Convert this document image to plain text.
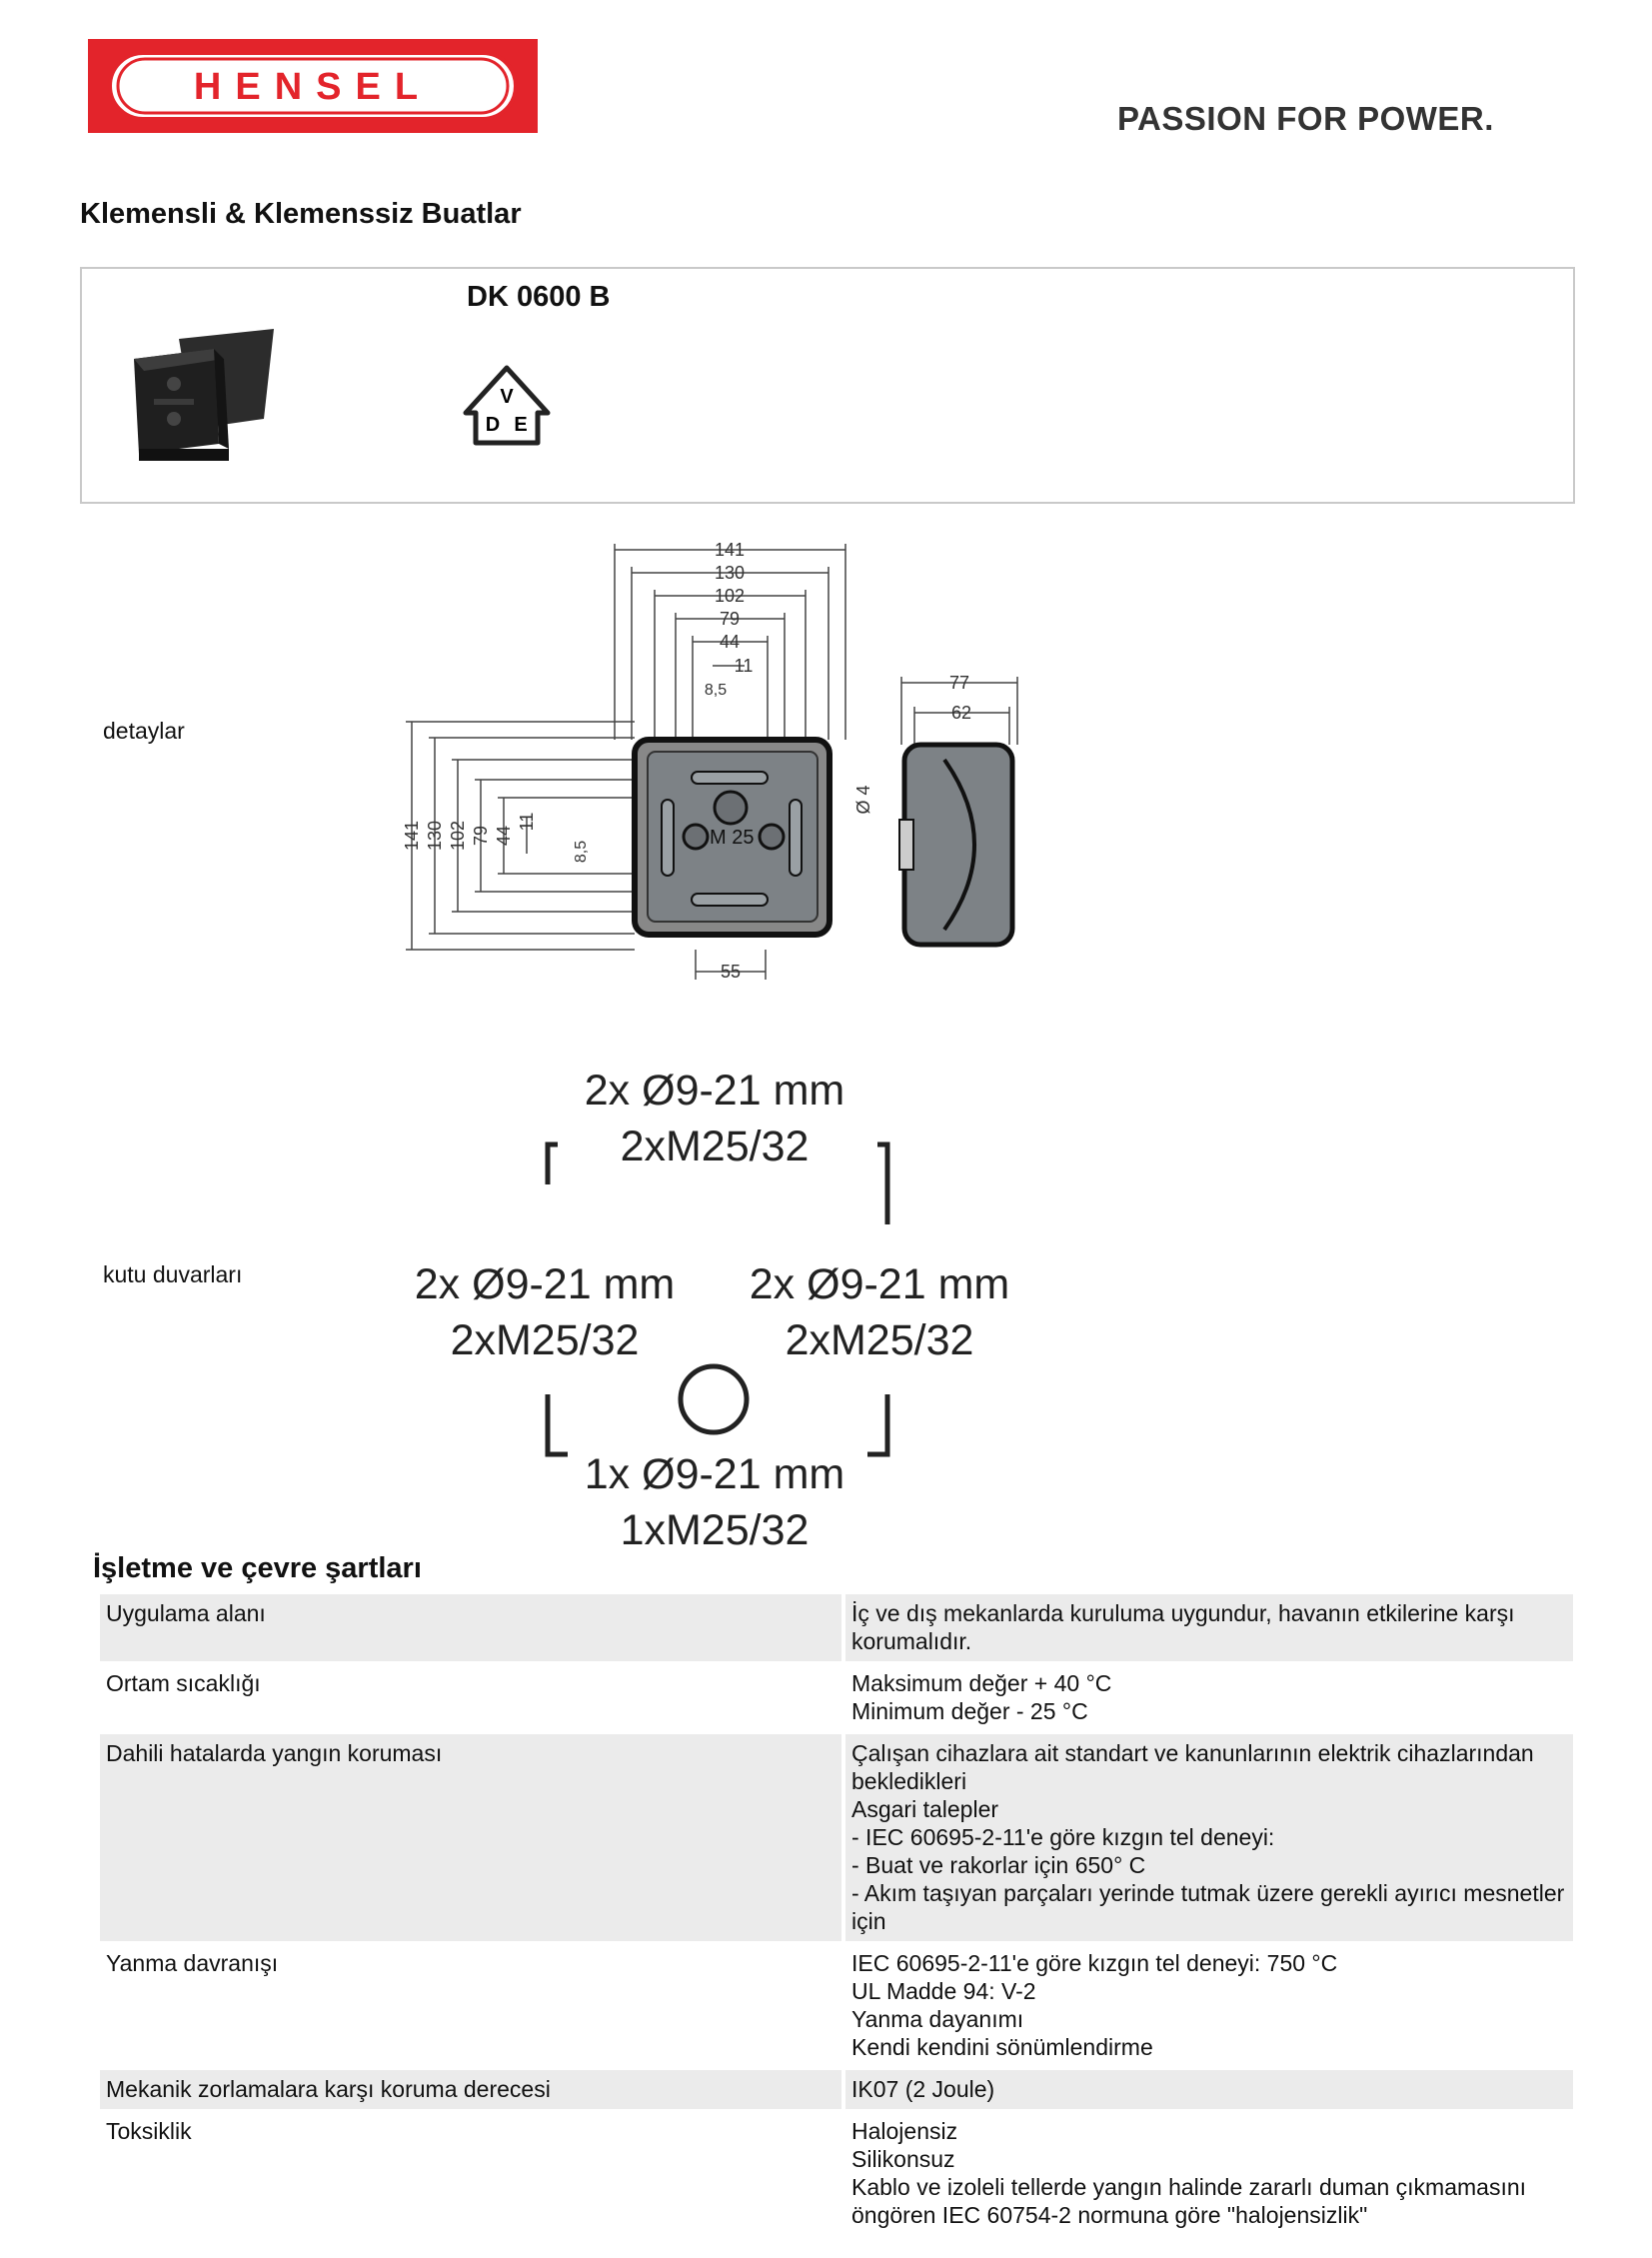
HENSEL
PASSION FOR POWER.
Klemensli & Klemenssiz Buatlar
DK 0600 B
V
D E
detaylar
kutu duvarları
M 25
141
130
102
79
44
11
8,5
141 130 102 79 44
11
8,5
77
62
Ø 4
55
2x Ø9-21 mm
2xM25/32
2x Ø9-21 mm
2xM25/32
2x Ø9-21 mm
2xM25/32
1x Ø9-21 mm
1xM25/32
İşletme ve çevre şartları
Uygulama alanı	İç ve dış mekanlarda kuruluma uygundur, havanın etkilerine karşı korumalıdır.
Ortam sıcaklığı	Maksimum değer + 40 °C
Minimum değer - 25 °C
Dahili hatalarda yangın koruması	Çalışan cihazlara ait standart ve kanunlarının elektrik cihazlarından bekledikleri
Asgari talepler
- IEC 60695-2-11'e göre kızgın tel deneyi:
- Buat ve rakorlar için 650° C
- Akım taşıyan parçaları yerinde tutmak üzere gerekli ayırıcı mesnetler için
Yanma davranışı	IEC 60695-2-11'e göre kızgın tel deneyi: 750 °C
UL Madde 94: V-2
Yanma dayanımı
Kendi kendini sönümlendirme
Mekanik zorlamalara karşı koruma derecesi	IK07 (2 Joule)
Toksiklik	Halojensiz
Silikonsuz
Kablo ve izoleli tellerde yangın halinde zararlı duman çıkmamasını öngören IEC 60754-2 normuna göre "halojensizlik"
